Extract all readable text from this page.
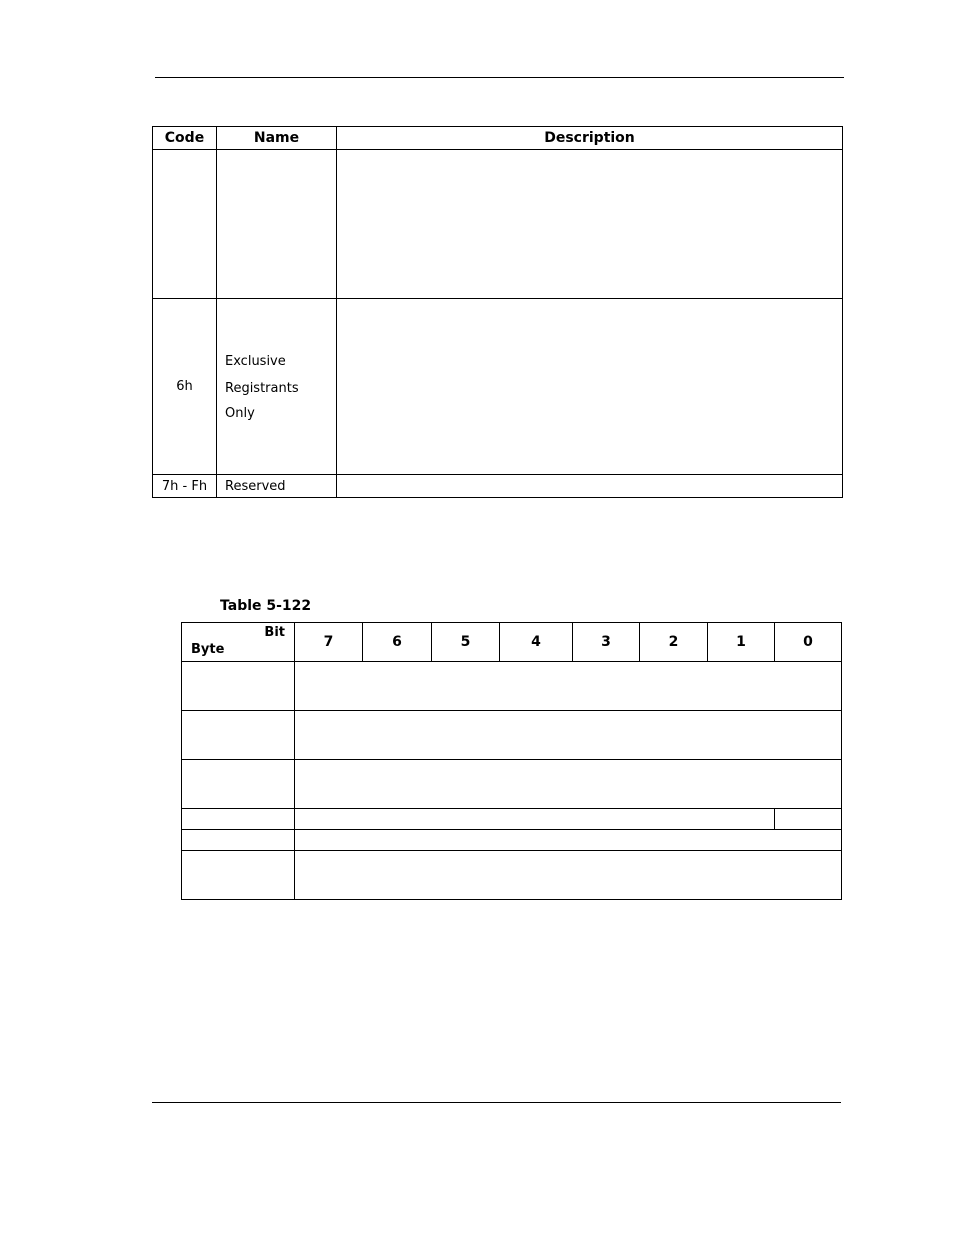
Code	Name	Description

6h	Exclusive
Registrants
Only	

7h - Fh	Reserved	
Table 5-122
Bit
Byte	7	6	5	4	3	2	1	0
